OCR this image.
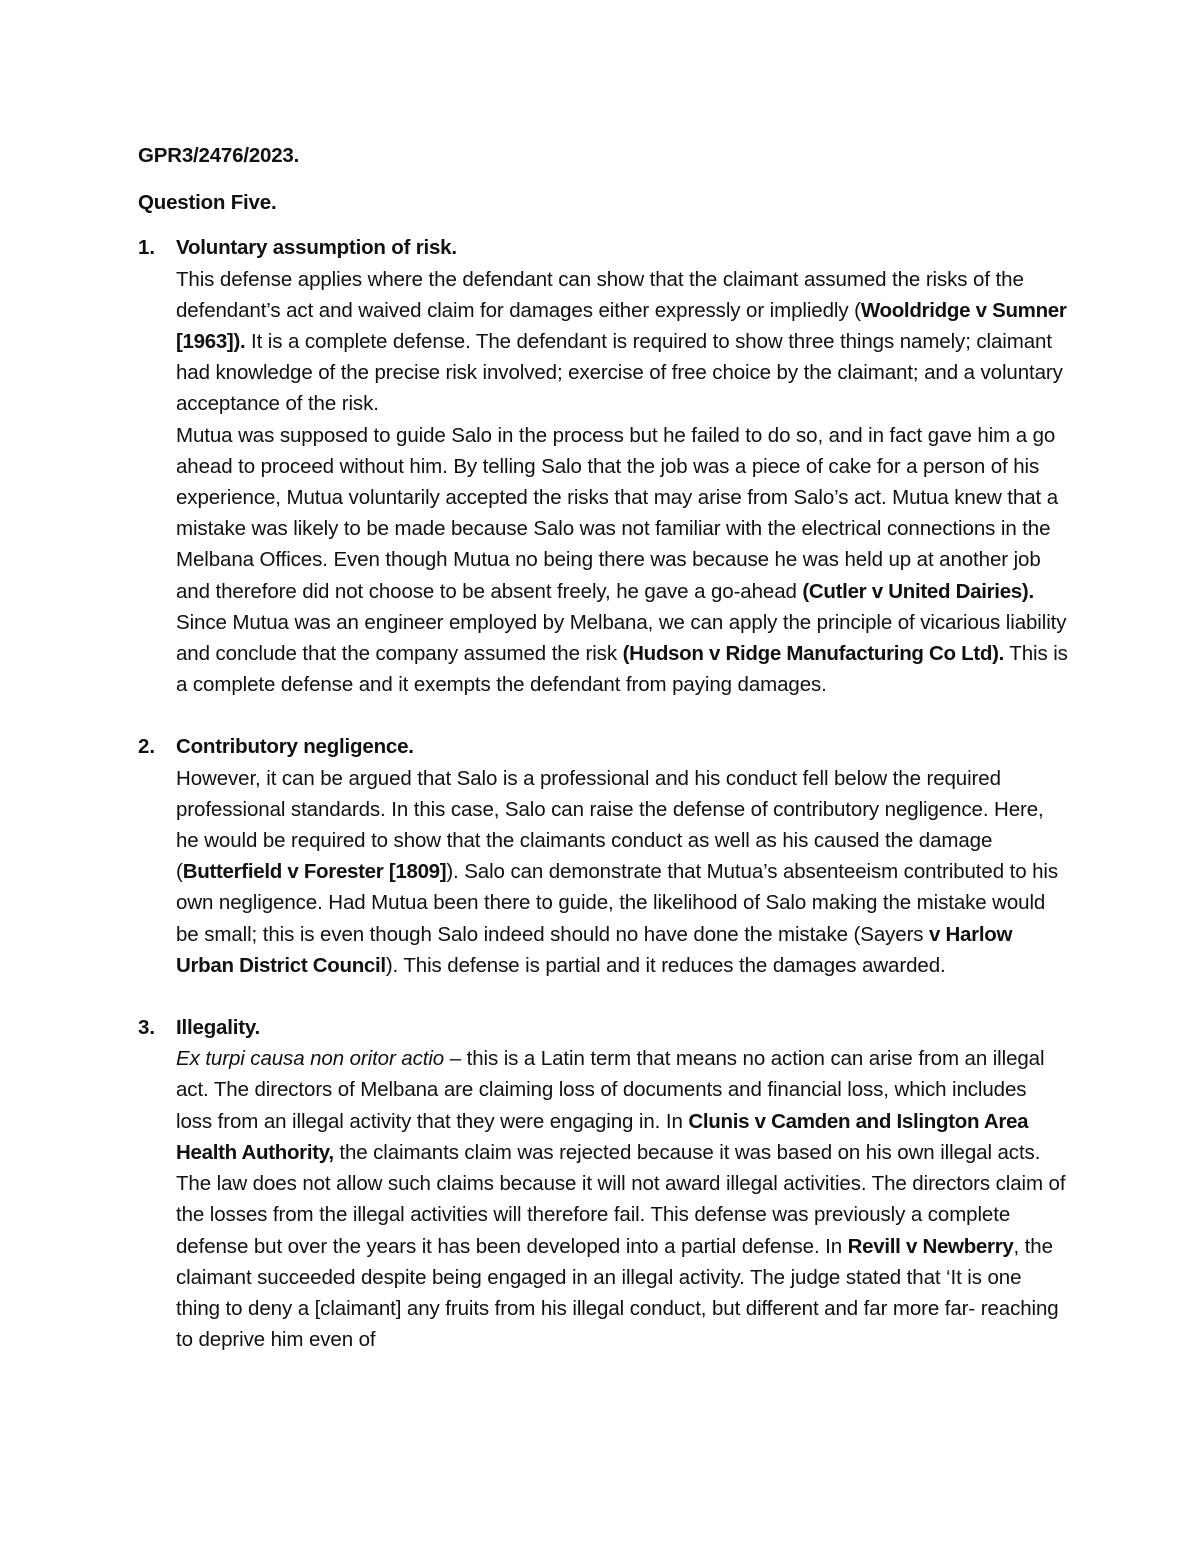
GPR3/2476/2023.

Question Five.

1. Voluntary assumption of risk.

This defense applies where the defendant can show that the claimant assumed the risks of the defendant’s act and waived claim for damages either expressly or impliedly (Wooldridge v Sumner [1963]). It is a complete defense. The defendant is required to show three things namely; claimant had knowledge of the precise risk involved; exercise of free choice by the claimant; and a voluntary acceptance of the risk.

Mutua was supposed to guide Salo in the process but he failed to do so, and in fact gave him a go ahead to proceed without him. By telling Salo that the job was a piece of cake for a person of his experience, Mutua voluntarily accepted the risks that may arise from Salo’s act. Mutua knew that a mistake was likely to be made because Salo was not familiar with the electrical connections in the Melbana Offices. Even though Mutua no being there was because he was held up at another job and therefore did not choose to be absent freely, he gave a go-ahead (Cutler v United Dairies).

Since Mutua was an engineer employed by Melbana, we can apply the principle of vicarious liability and conclude that the company assumed the risk (Hudson v Ridge Manufacturing Co Ltd). This is a complete defense and it exempts the defendant from paying damages.

2. Contributory negligence.

However, it can be argued that Salo is a professional and his conduct fell below the required professional standards. In this case, Salo can raise the defense of contributory negligence. Here, he would be required to show that the claimants conduct as well as his caused the damage (Butterfield v Forester [1809]). Salo can demonstrate that Mutua’s absenteeism contributed to his own negligence. Had Mutua been there to guide, the likelihood of Salo making the mistake would be small; this is even though Salo indeed should no have done the mistake (Sayers v Harlow Urban District Council). This defense is partial and it reduces the damages awarded.

3. Illegality.

Ex turpi causa non oritor actio – this is a Latin term that means no action can arise from an illegal act. The directors of Melbana are claiming loss of documents and financial loss, which includes loss from an illegal activity that they were engaging in. In Clunis v Camden and Islington Area Health Authority, the claimants claim was rejected because it was based on his own illegal acts. The law does not allow such claims because it will not award illegal activities. The directors claim of the losses from the illegal activities will therefore fail. This defense was previously a complete defense but over the years it has been developed into a partial defense. In Revill v Newberry, the claimant succeeded despite being engaged in an illegal activity. The judge stated that ‘It is one thing to deny a [claimant] any fruits from his illegal conduct, but different and far more far- reaching to deprive him even of
